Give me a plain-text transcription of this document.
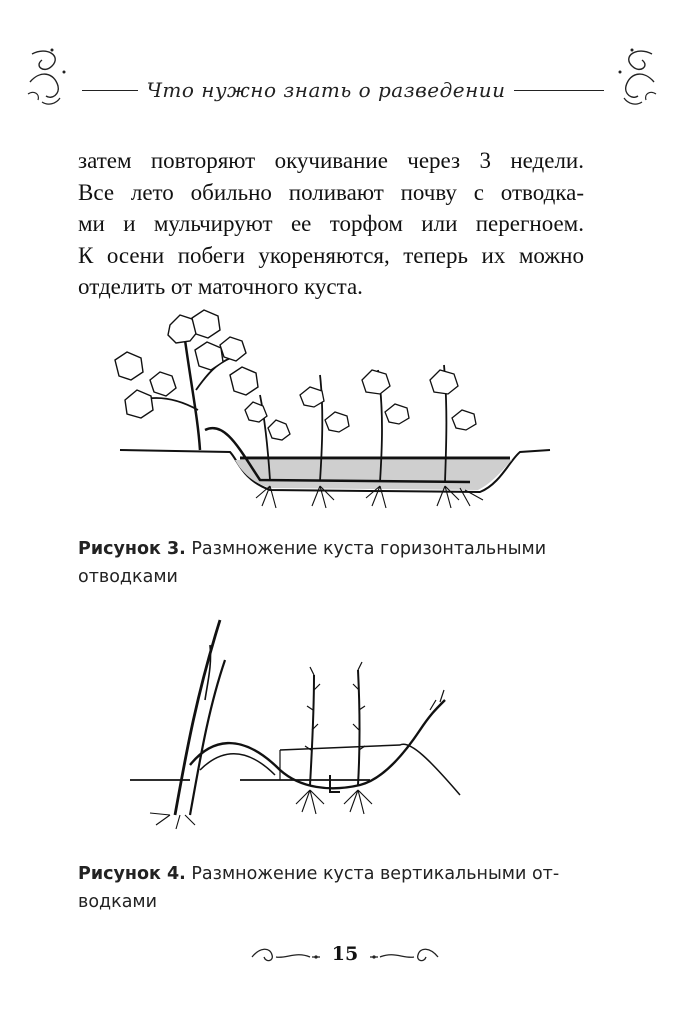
Что нужно знать о разведении
затем повторяют окучивание через 3 недели.
Все лето обильно поливают почву с отводка-
ми и мульчируют ее торфом или перегноем.
К осени побеги укореняются, теперь их можно
отделить от маточного куста.
Рисунок 3. Размножение куста горизонтальными отводками
Рисунок 4. Размножение куста вертикальными от-водками
15
